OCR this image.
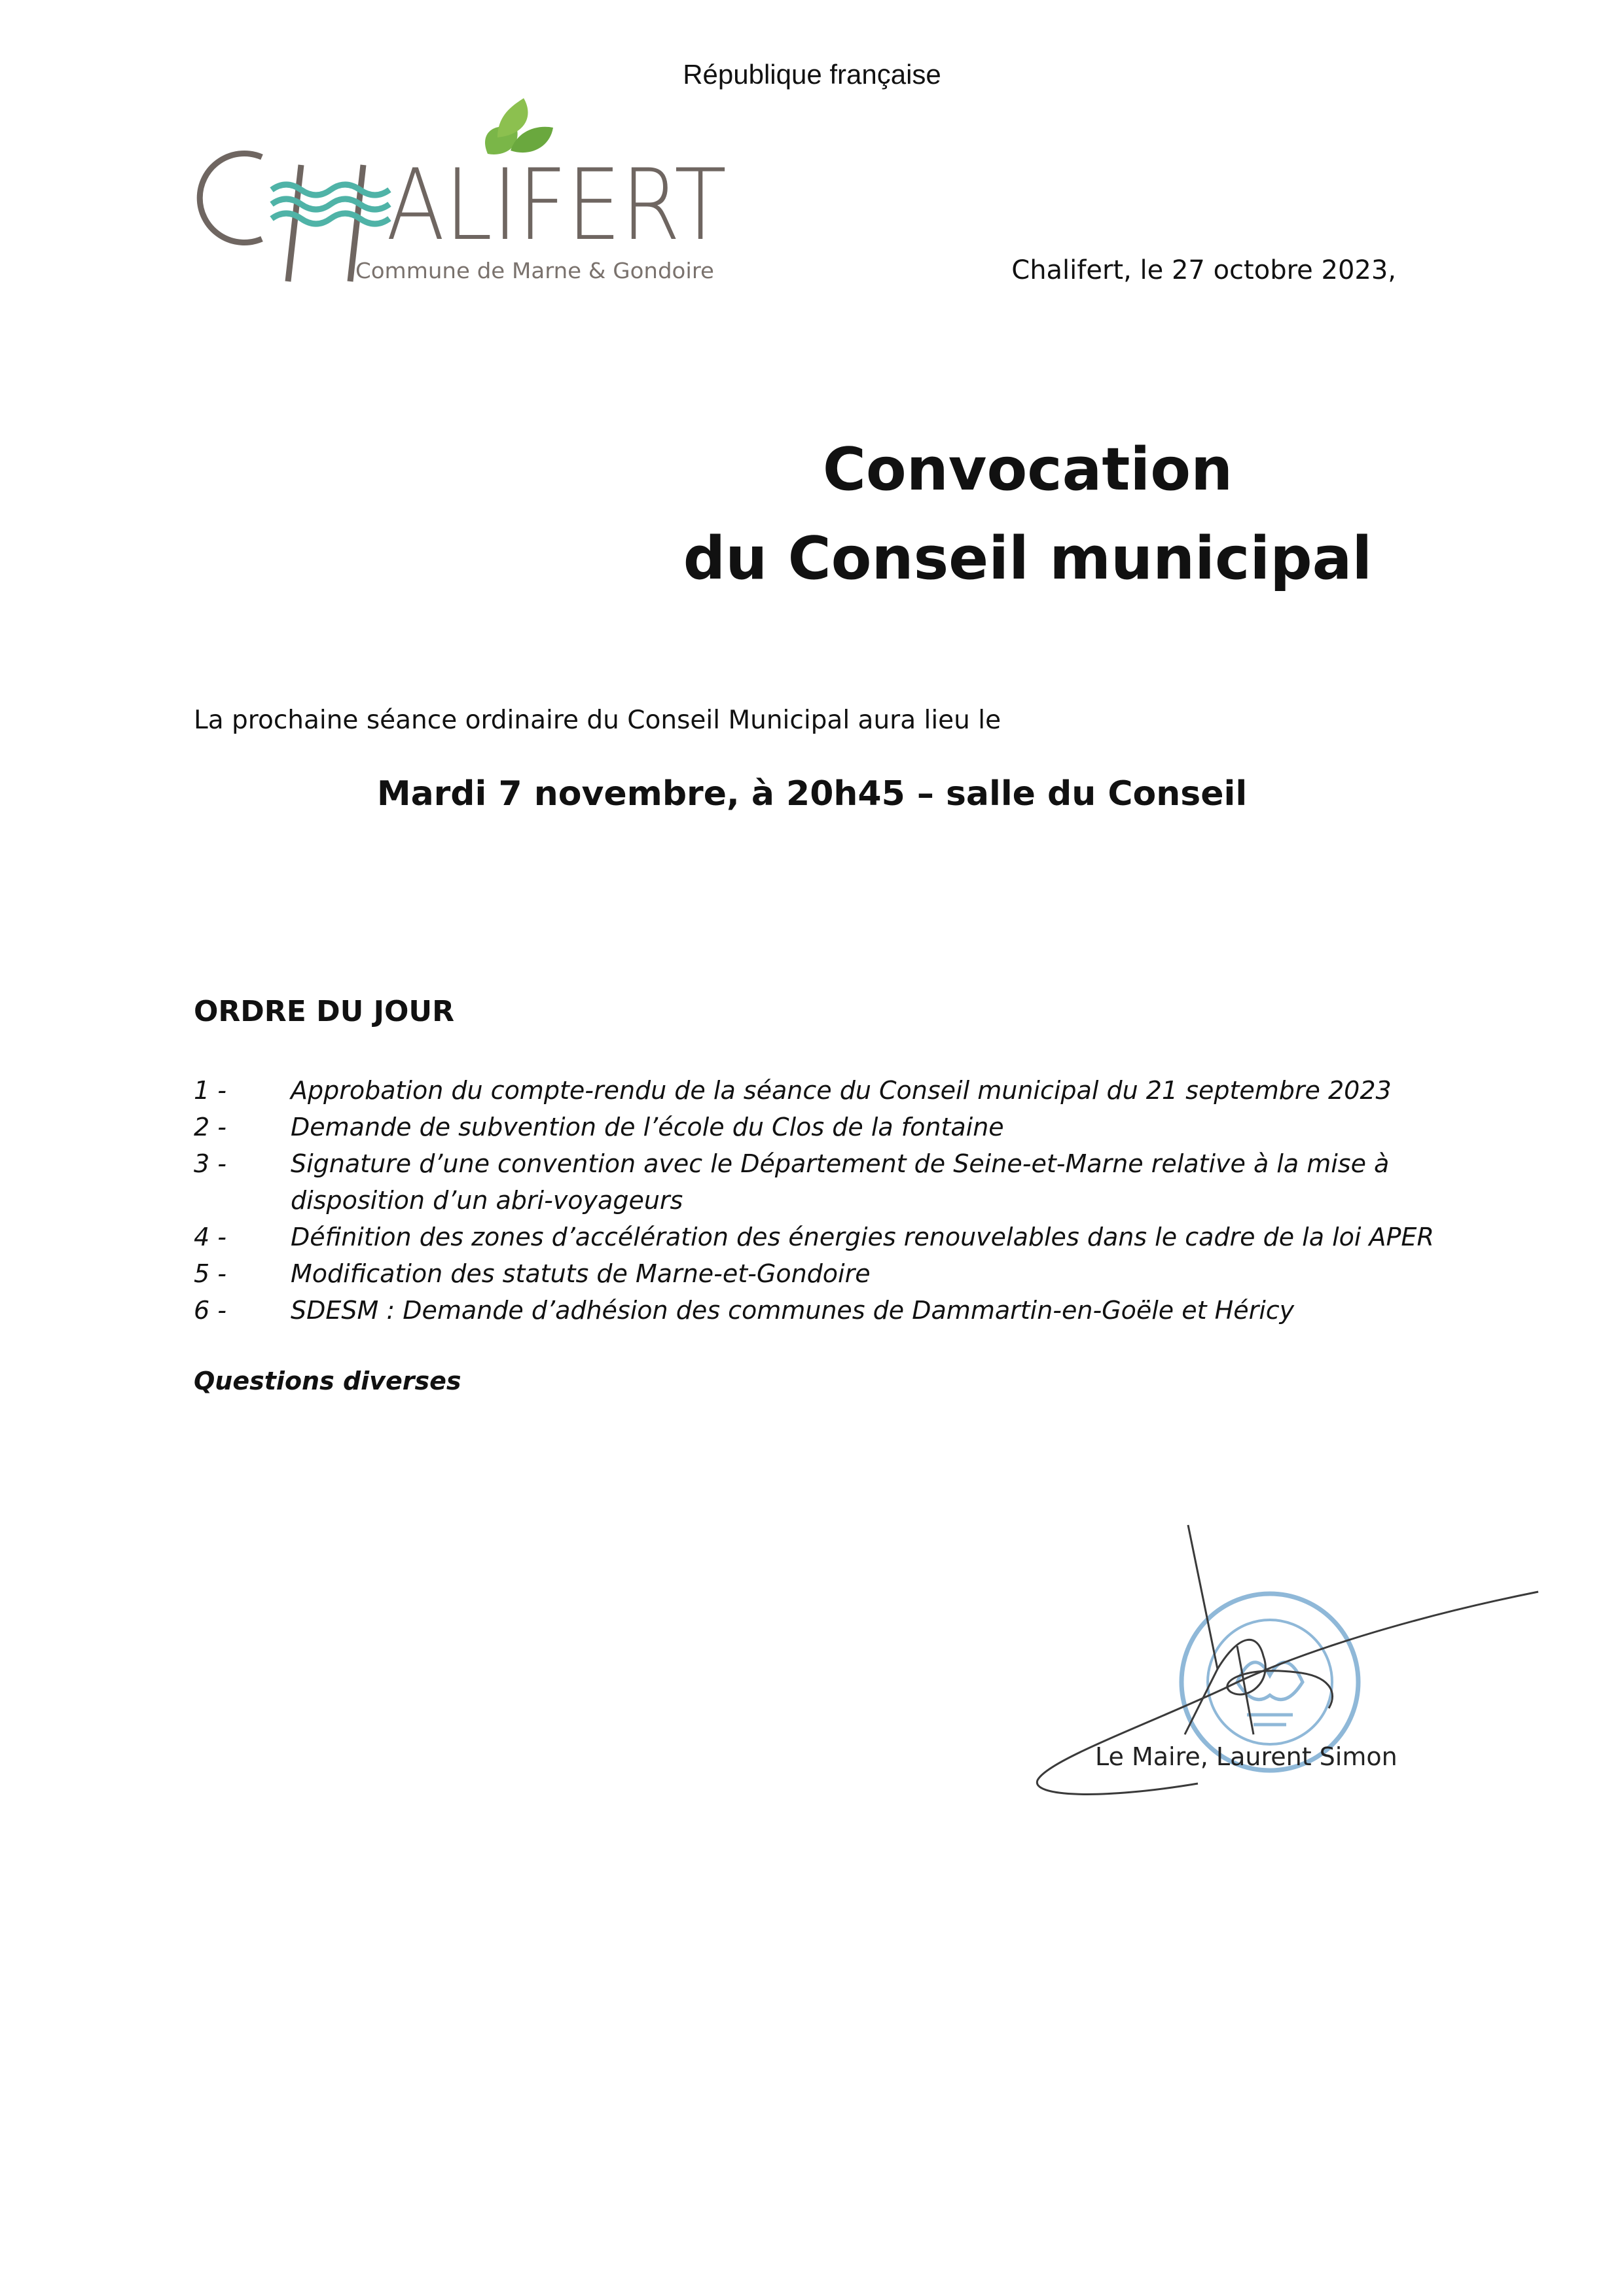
République française
ALIFERT
Commune de Marne & Gondoire	Chalifert, le 27 octobre 2023,
Convocation
du Conseil municipal
La prochaine séance ordinaire du Conseil Municipal aura lieu le
Mardi 7 novembre, à 20h45 – salle du Conseil
ORDRE DU JOUR
1 -	Approbation du compte-rendu de la séance du Conseil municipal du 21 septembre 2023
2 -	Demande de subvention de l’école du Clos de la fontaine
3 -	Signature d’une convention avec le Département de Seine-et-Marne relative à la mise à disposition d’un abri-voyageurs
4 -	Définition des zones d’accélération des énergies renouvelables dans le cadre de la loi APER
5 -	Modification des statuts de Marne-et-Gondoire
6 -	SDESM : Demande d’adhésion des communes de Dammartin-en-Goële et Héricy
Questions diverses
Le Maire, Laurent Simon
